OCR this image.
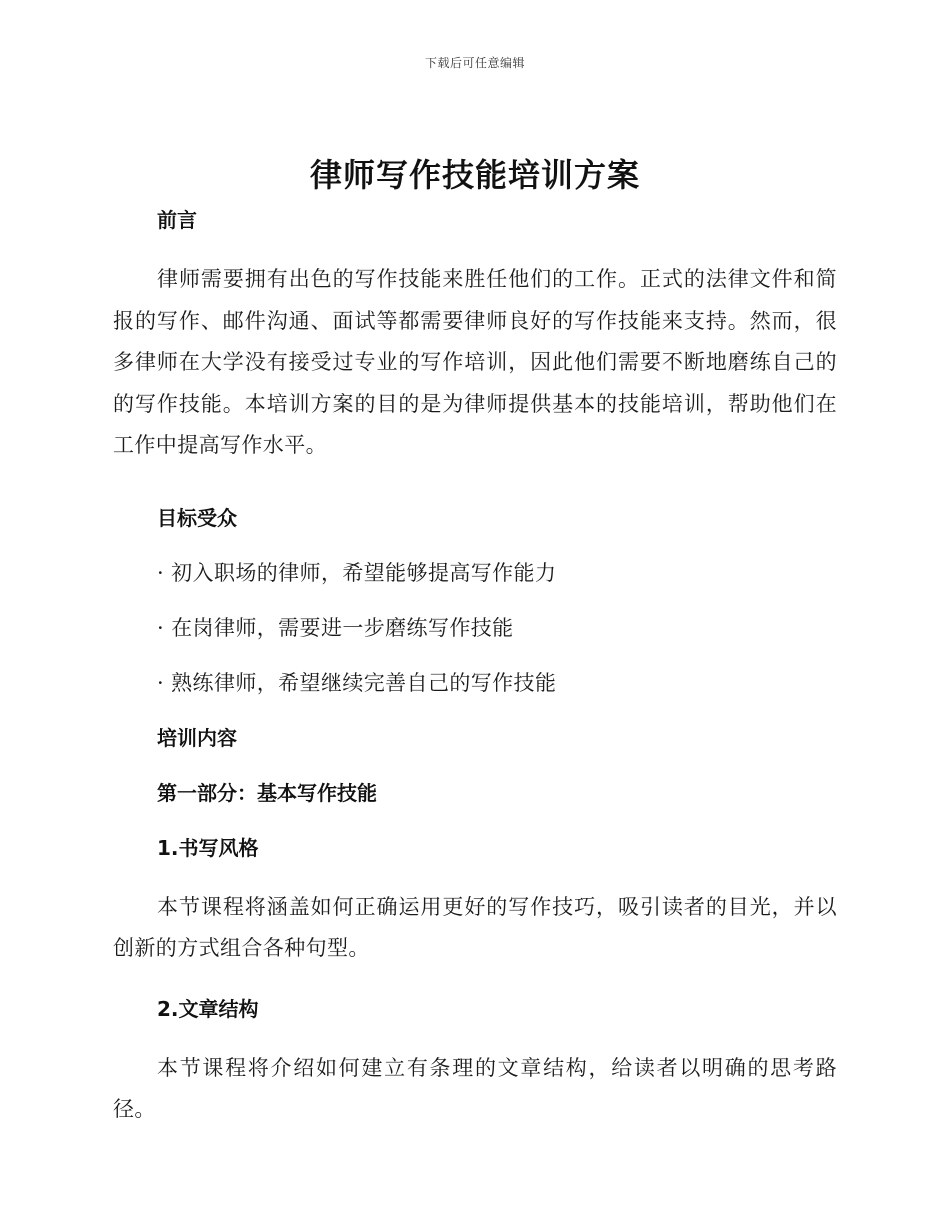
下载后可任意编辑
律师写作技能培训方案
前言
律师需要拥有出色的写作技能来胜任他们的工作。正式的法律文件和简报的写作、邮件沟通、面试等都需要律师良好的写作技能来支持。然而，很多律师在大学没有接受过专业的写作培训，因此他们需要不断地磨练自己的的写作技能。本培训方案的目的是为律师提供基本的技能培训，帮助他们在工作中提高写作水平。
目标受众
· 初入职场的律师，希望能够提高写作能力
· 在岗律师，需要进一步磨练写作技能
· 熟练律师，希望继续完善自己的写作技能
培训内容
第一部分：基本写作技能
1.书写风格
本节课程将涵盖如何正确运用更好的写作技巧，吸引读者的目光，并以创新的方式组合各种句型。
2.文章结构
本节课程将介绍如何建立有条理的文章结构，给读者以明确的思考路径。
